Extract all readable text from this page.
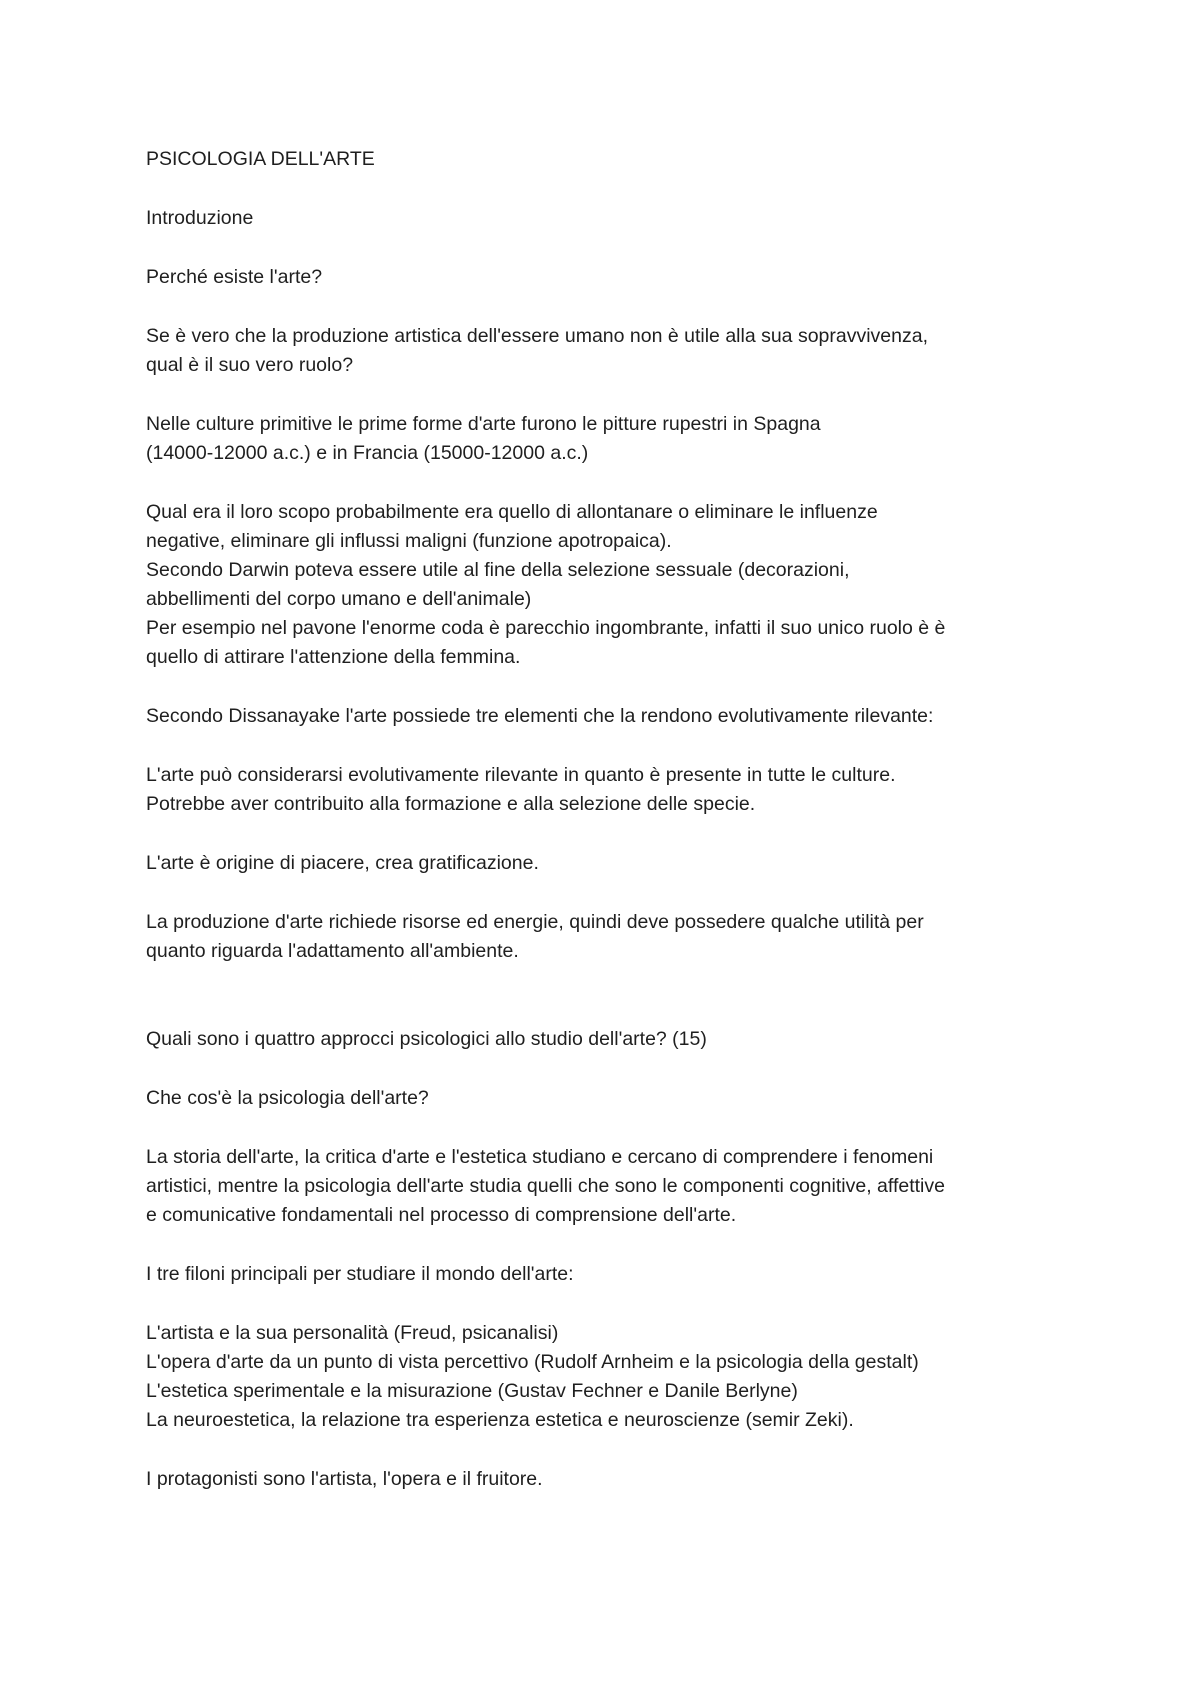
PSICOLOGIA DELL'ARTE
Introduzione
Perché esiste l'arte?
Se è vero che la produzione artistica dell'essere umano non è utile alla sua sopravvivenza,
qual è il suo vero ruolo?
Nelle culture primitive le prime forme d'arte furono le pitture rupestri in Spagna
(14000-12000 a.c.) e in Francia (15000-12000 a.c.)
Qual era il loro scopo probabilmente era quello di allontanare o eliminare le influenze
negative, eliminare gli influssi maligni (funzione apotropaica).
Secondo Darwin poteva essere utile al fine della selezione sessuale (decorazioni,
abbellimenti del corpo umano e dell'animale)
Per esempio nel pavone l'enorme coda è parecchio ingombrante, infatti il suo unico ruolo è è
quello di attirare l'attenzione della femmina.
Secondo Dissanayake l'arte possiede tre elementi che la rendono evolutivamente rilevante:
L'arte può considerarsi evolutivamente rilevante in quanto è presente in tutte le culture.
Potrebbe aver contribuito alla formazione e alla selezione delle specie.
L'arte è origine di piacere, crea gratificazione.
La produzione d'arte richiede risorse ed energie, quindi deve possedere qualche utilità per
quanto riguarda l'adattamento all'ambiente.
Quali sono i quattro approcci psicologici allo studio dell'arte? (15)
Che cos'è la psicologia dell'arte?
La storia dell'arte, la critica d'arte e l'estetica studiano e cercano di comprendere i fenomeni
artistici, mentre la psicologia dell'arte studia quelli che sono le componenti cognitive, affettive
e comunicative fondamentali nel processo di comprensione dell'arte.
I tre filoni principali per studiare il mondo dell'arte:
L'artista e la sua personalità (Freud, psicanalisi)
L'opera d'arte da un punto di vista percettivo (Rudolf Arnheim e la psicologia della gestalt)
L'estetica sperimentale e la misurazione (Gustav Fechner e Danile Berlyne)
La neuroestetica, la relazione tra esperienza estetica e neuroscienze (semir Zeki).
I protagonisti sono l'artista, l'opera e il fruitore.
